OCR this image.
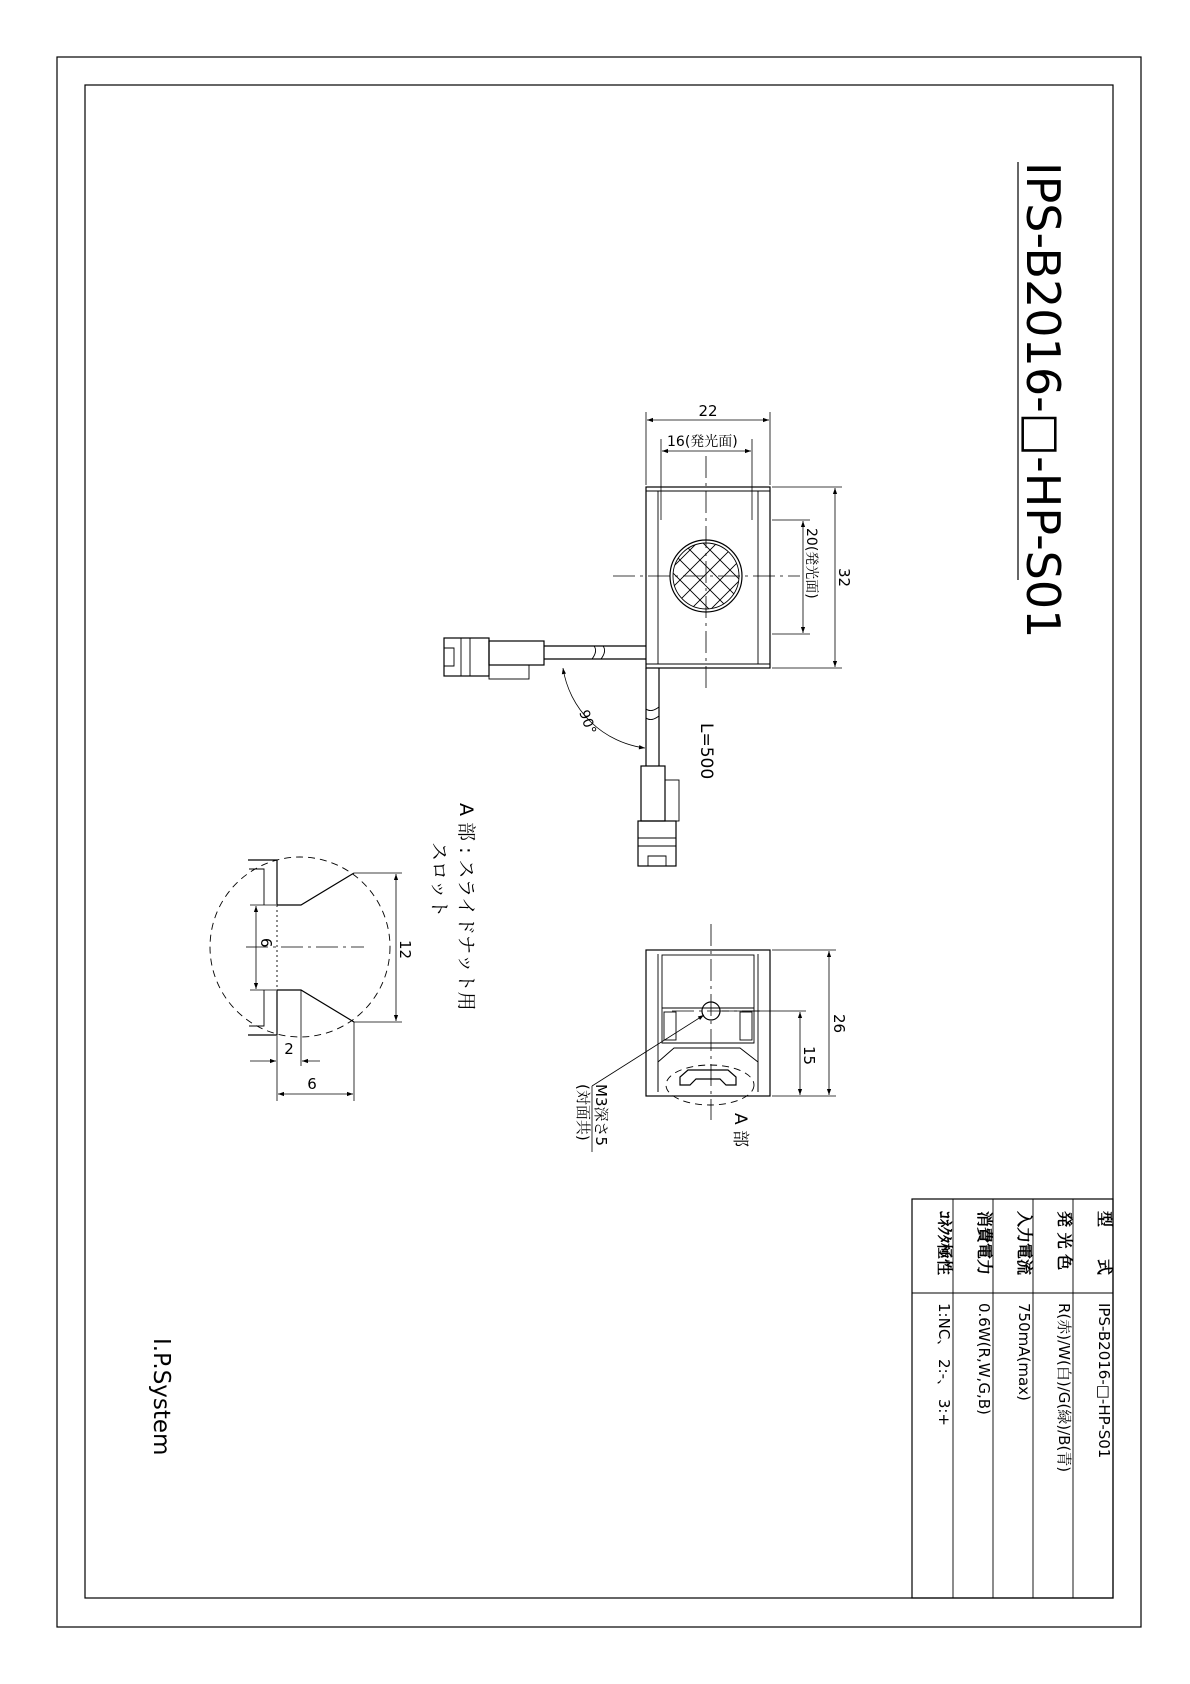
IPS-B2016-□-HP-S01
22
16(発光面)
20(発光面) 32
90°
L=500
26
15
M3深さ5
(対面共)	A 部
6	12
2
6
A 部 : スライドナット用
スロット
型　　式
発 光 色
入力電流
消費電力
ｺﾈｸﾀ極性
IPS-B2016-□-HP-S01
R(赤)/W(白)/G(緑)/B(青)
750mA(max)
0.6W(R,W,G,B)
1:NC、 2:-、 3:+
I.P.System
